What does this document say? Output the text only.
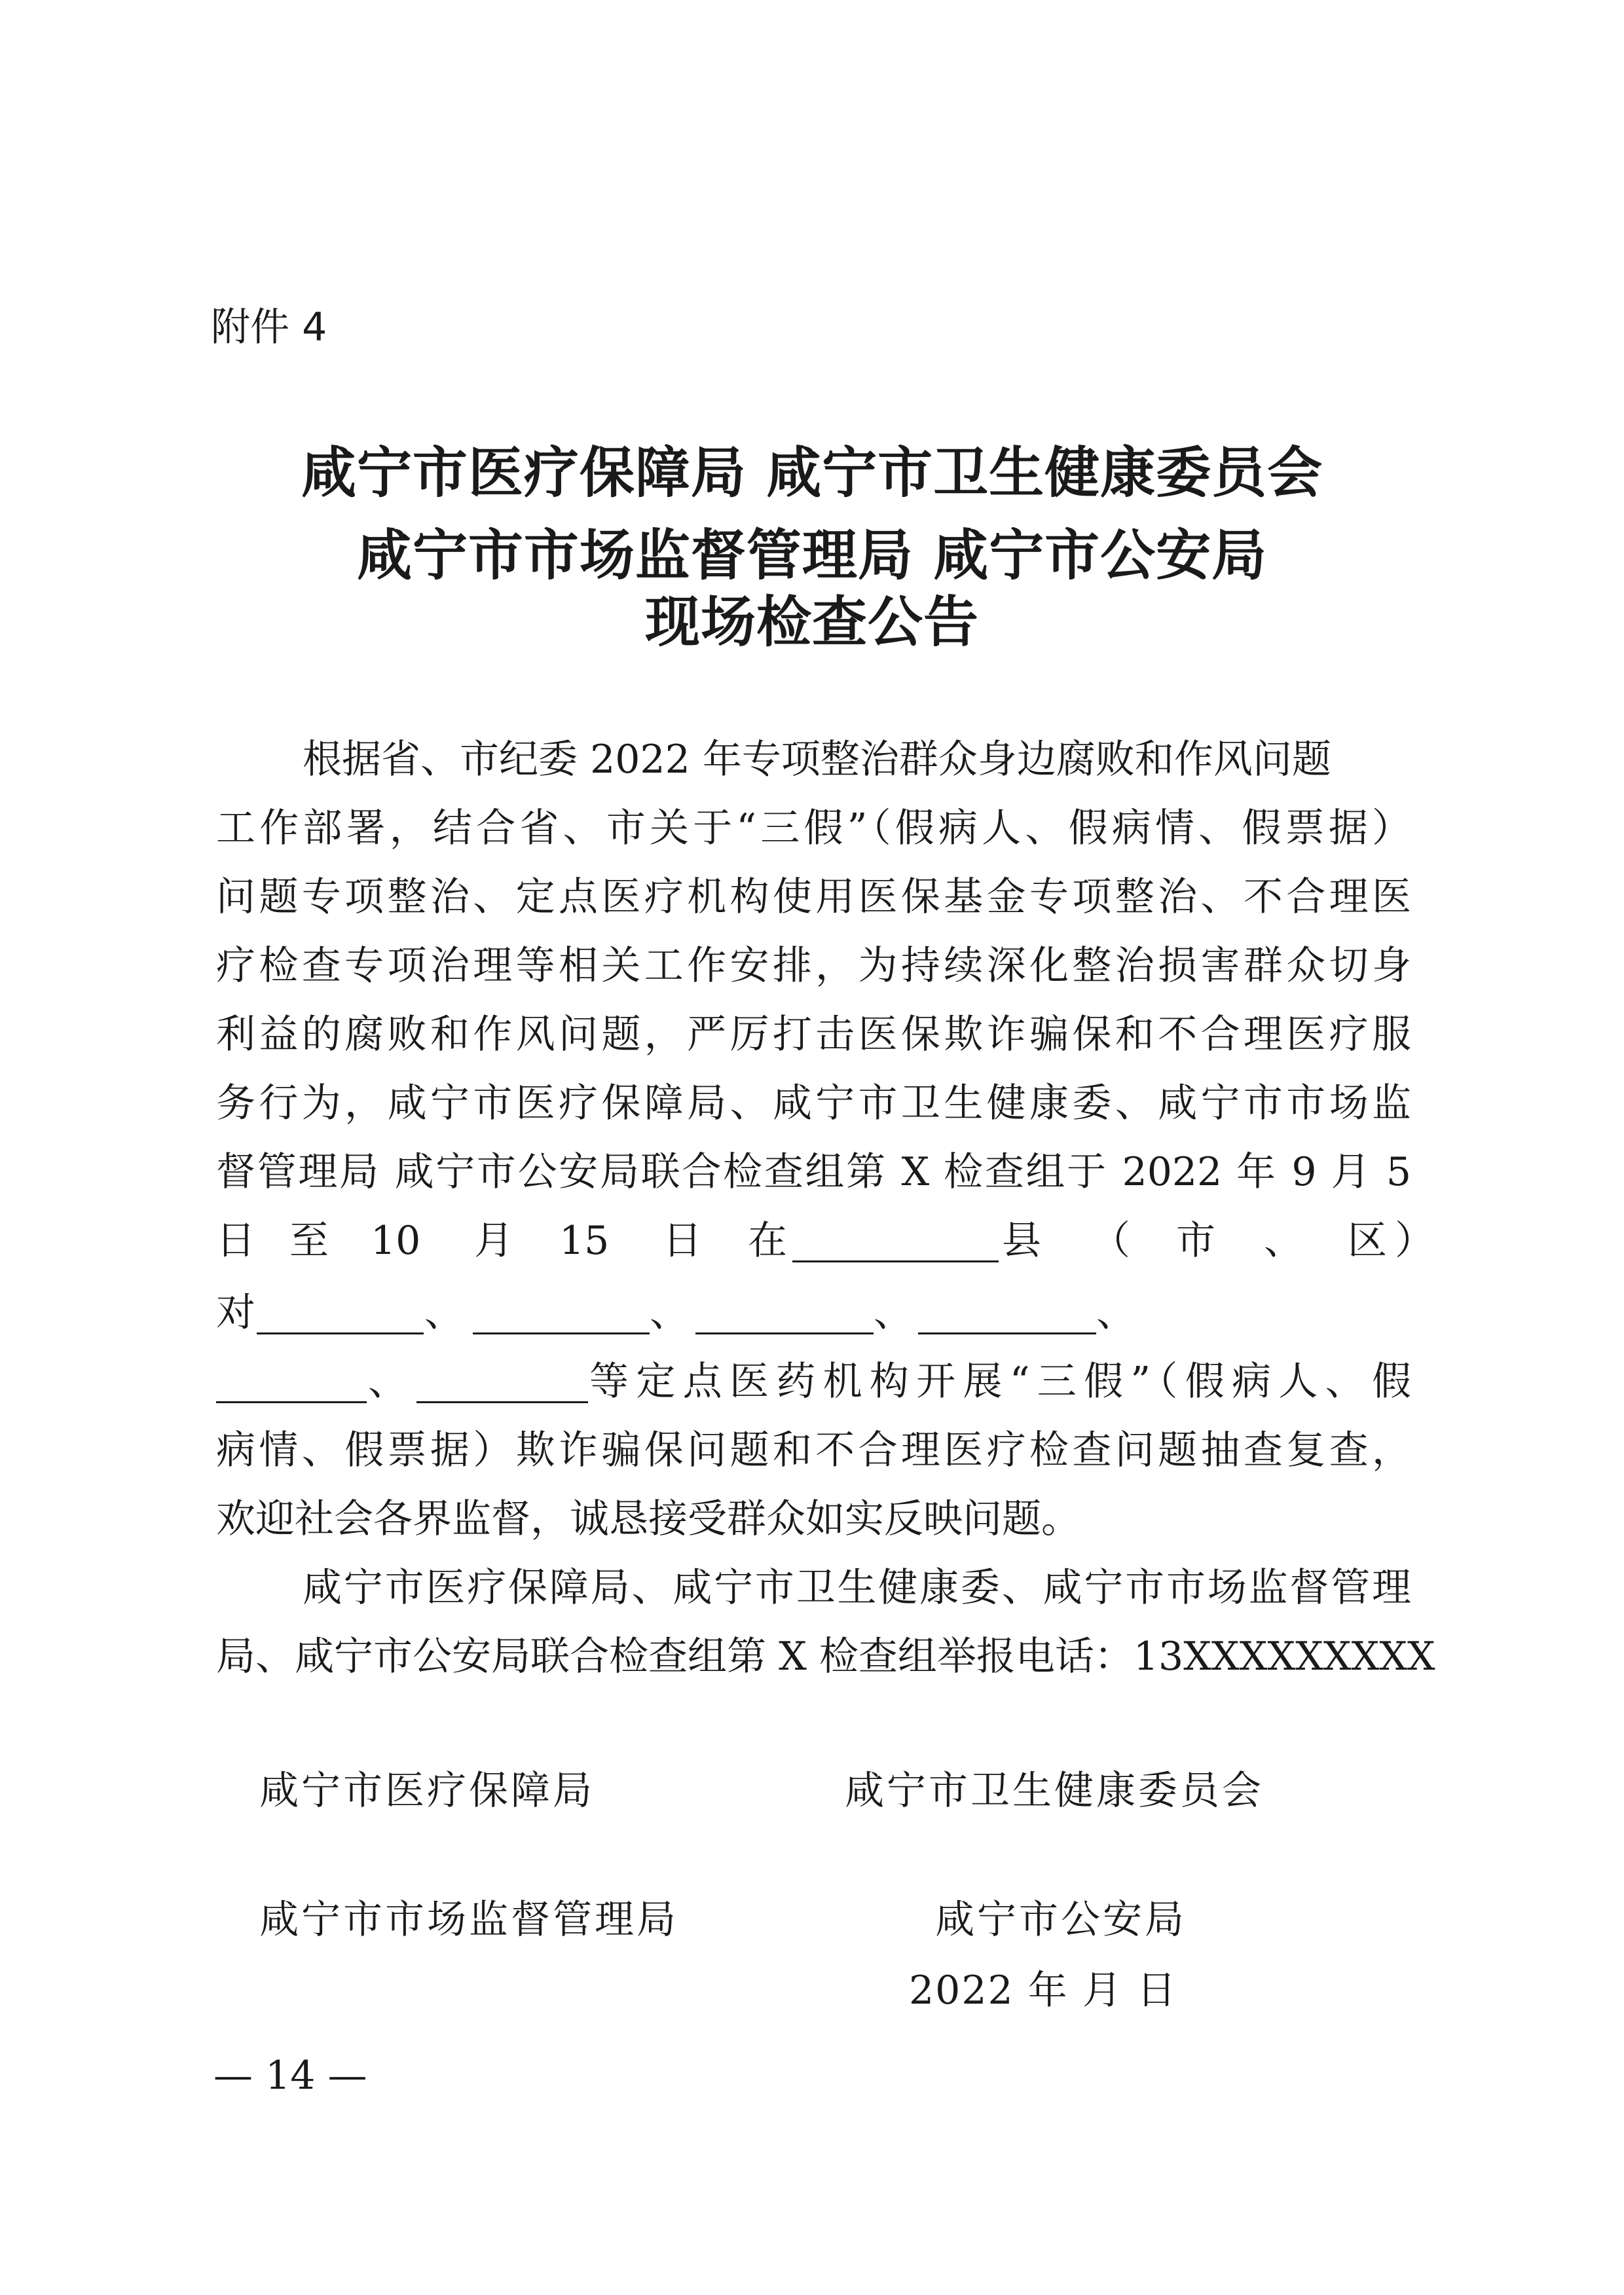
附件 4
咸宁市医疗保障局 咸宁市卫生健康委员会
咸宁市市场监督管理局 咸宁市公安局
现场检查公告
根据省、市纪委 2022 年专项整治群众身边腐败和作风问题
工作部署，结合省、市关于“三假”（假病人、假病情、假票据）
问题专项整治、定点医疗机构使用医保基金专项整治、不合理医
疗检查专项治理等相关工作安排，为持续深化整治损害群众切身
利益的腐败和作风问题，严厉打击医保欺诈骗保和不合理医疗服
务行为，咸宁市医疗保障局、咸宁市卫生健康委、咸宁市市场监
督管理局 咸宁市公安局联合检查组第 X 检查组于 2022 年 9 月 5
日 至 10 月 15 日 在	县 （ 市 、 区 ）
对	、	、	、	、
、	等定点医药机构开展“三假”（假病人、假
病情、假票据）欺诈骗保问题和不合理医疗检查问题抽查复查，
欢迎社会各界监督，诚恳接受群众如实反映问题。
咸宁市医疗保障局、咸宁市卫生健康委、咸宁市市场监督管理
局、咸宁市公安局联合检查组第 X 检查组举报电话：13XXXXXXXXX
咸宁市医疗保障局	咸宁市卫生健康委员会
咸宁市市场监督管理局	咸宁市公安局
2022 年 月 日
— 14 —
